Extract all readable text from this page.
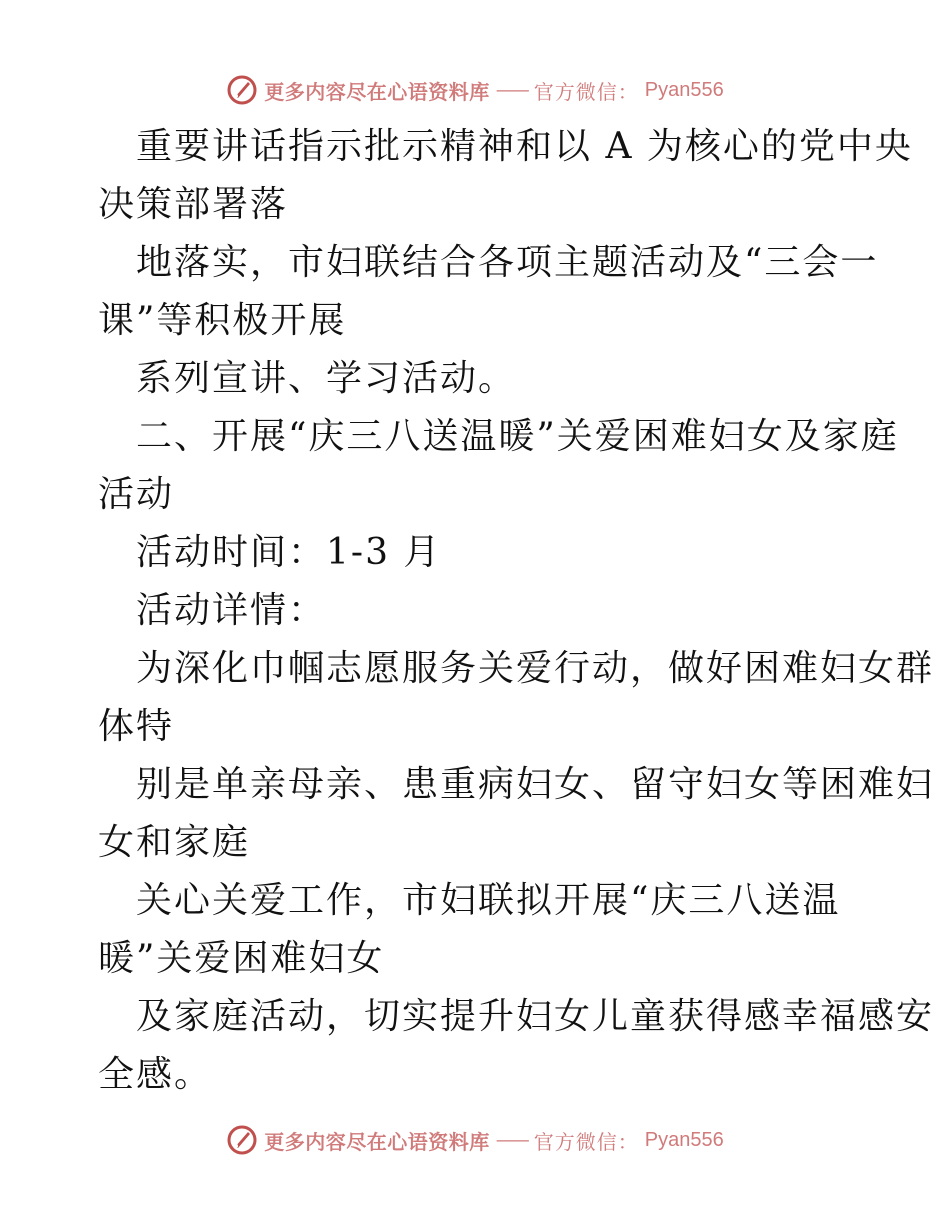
更多内容尽在心语资料库 —— 官方微信： Pyan556
重要讲话指示批示精神和以 A 为核心的党中央
决策部署落
地落实，市妇联结合各项主题活动及“三会一
课”等积极开展
系列宣讲、学习活动。
二、开展“庆三八送温暖”关爱困难妇女及家庭
活动
活动时间：1-3 月
活动详情：
为深化巾帼志愿服务关爱行动，做好困难妇女群
体特
别是单亲母亲、患重病妇女、留守妇女等困难妇
女和家庭
关心关爱工作，市妇联拟开展“庆三八送温
暖”关爱困难妇女
及家庭活动，切实提升妇女儿童获得感幸福感安
全感。
更多内容尽在心语资料库 —— 官方微信： Pyan556
